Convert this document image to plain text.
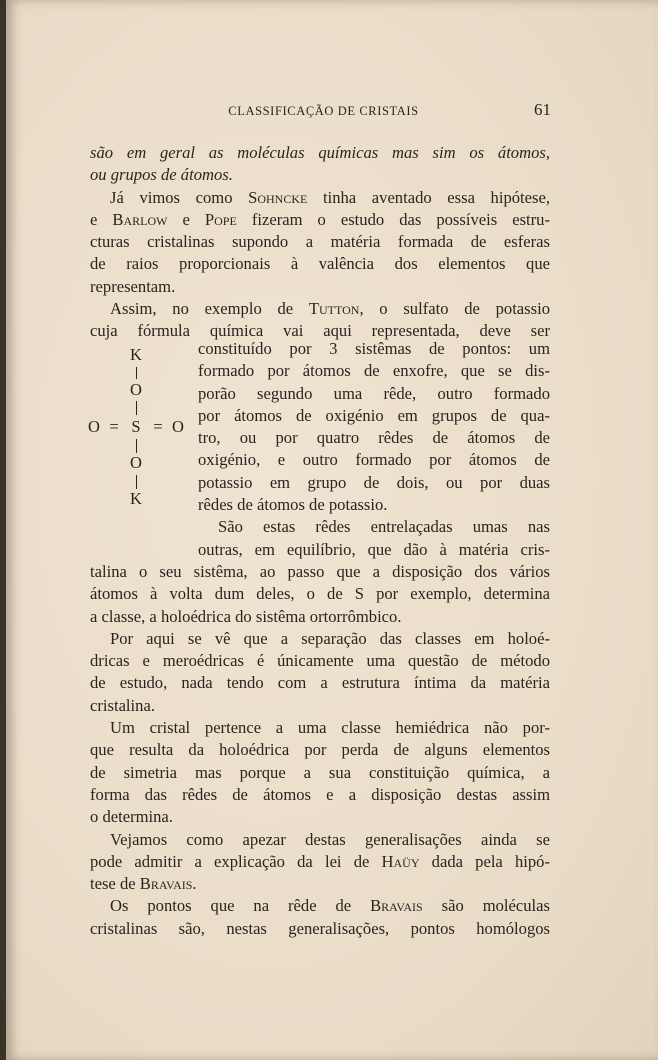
CLASSIFICAÇÃO DE CRISTAIS	61
são em geral as moléculas químicas mas sim os átomos,
ou grupos de átomos.
Já vimos como Sohncke tinha aventado essa hipótese,
e Barlow e Pope fizeram o estudo das possíveis estru-
cturas cristalinas supondo a matéria formada de esferas
de raios proporcionais à valência dos elementos que
representam.
Assim, no exemplo de Tutton, o sulfato de potassio
cuja fórmula química vai aqui representada, deve ser
K
O
O = S = O
O
K
constituído por 3 sistêmas de pontos: um
formado por átomos de enxofre, que se dis-
porão segundo uma rêde, outro formado
por átomos de oxigénio em grupos de qua-
tro, ou por quatro rêdes de átomos de
oxigénio, e outro formado por átomos de
potassio em grupo de dois, ou por duas
rêdes de átomos de potassio.
São estas rêdes entrelaçadas umas nas
outras, em equilíbrio, que dão à matéria cris-
talina o seu sistêma, ao passo que a disposição dos vários
átomos à volta dum deles, o de S por exemplo, determina
a classe, a holoédrica do sistêma ortorrômbico.
Por aqui se vê que a separação das classes em holoé-
dricas e meroédricas é únicamente uma questão de método
de estudo, nada tendo com a estrutura íntima da matéria
cristalina.
Um cristal pertence a uma classe hemiédrica não por-
que resulta da holoédrica por perda de alguns elementos
de simetria mas porque a sua constituição química, a
forma das rêdes de átomos e a disposição destas assim
o determina.
Vejamos como apezar destas generalisações ainda se
pode admitir a explicação da lei de Haüy dada pela hipó-
tese de Bravais.
Os pontos que na rêde de Bravais são moléculas
cristalinas são, nestas generalisações, pontos homólogos
